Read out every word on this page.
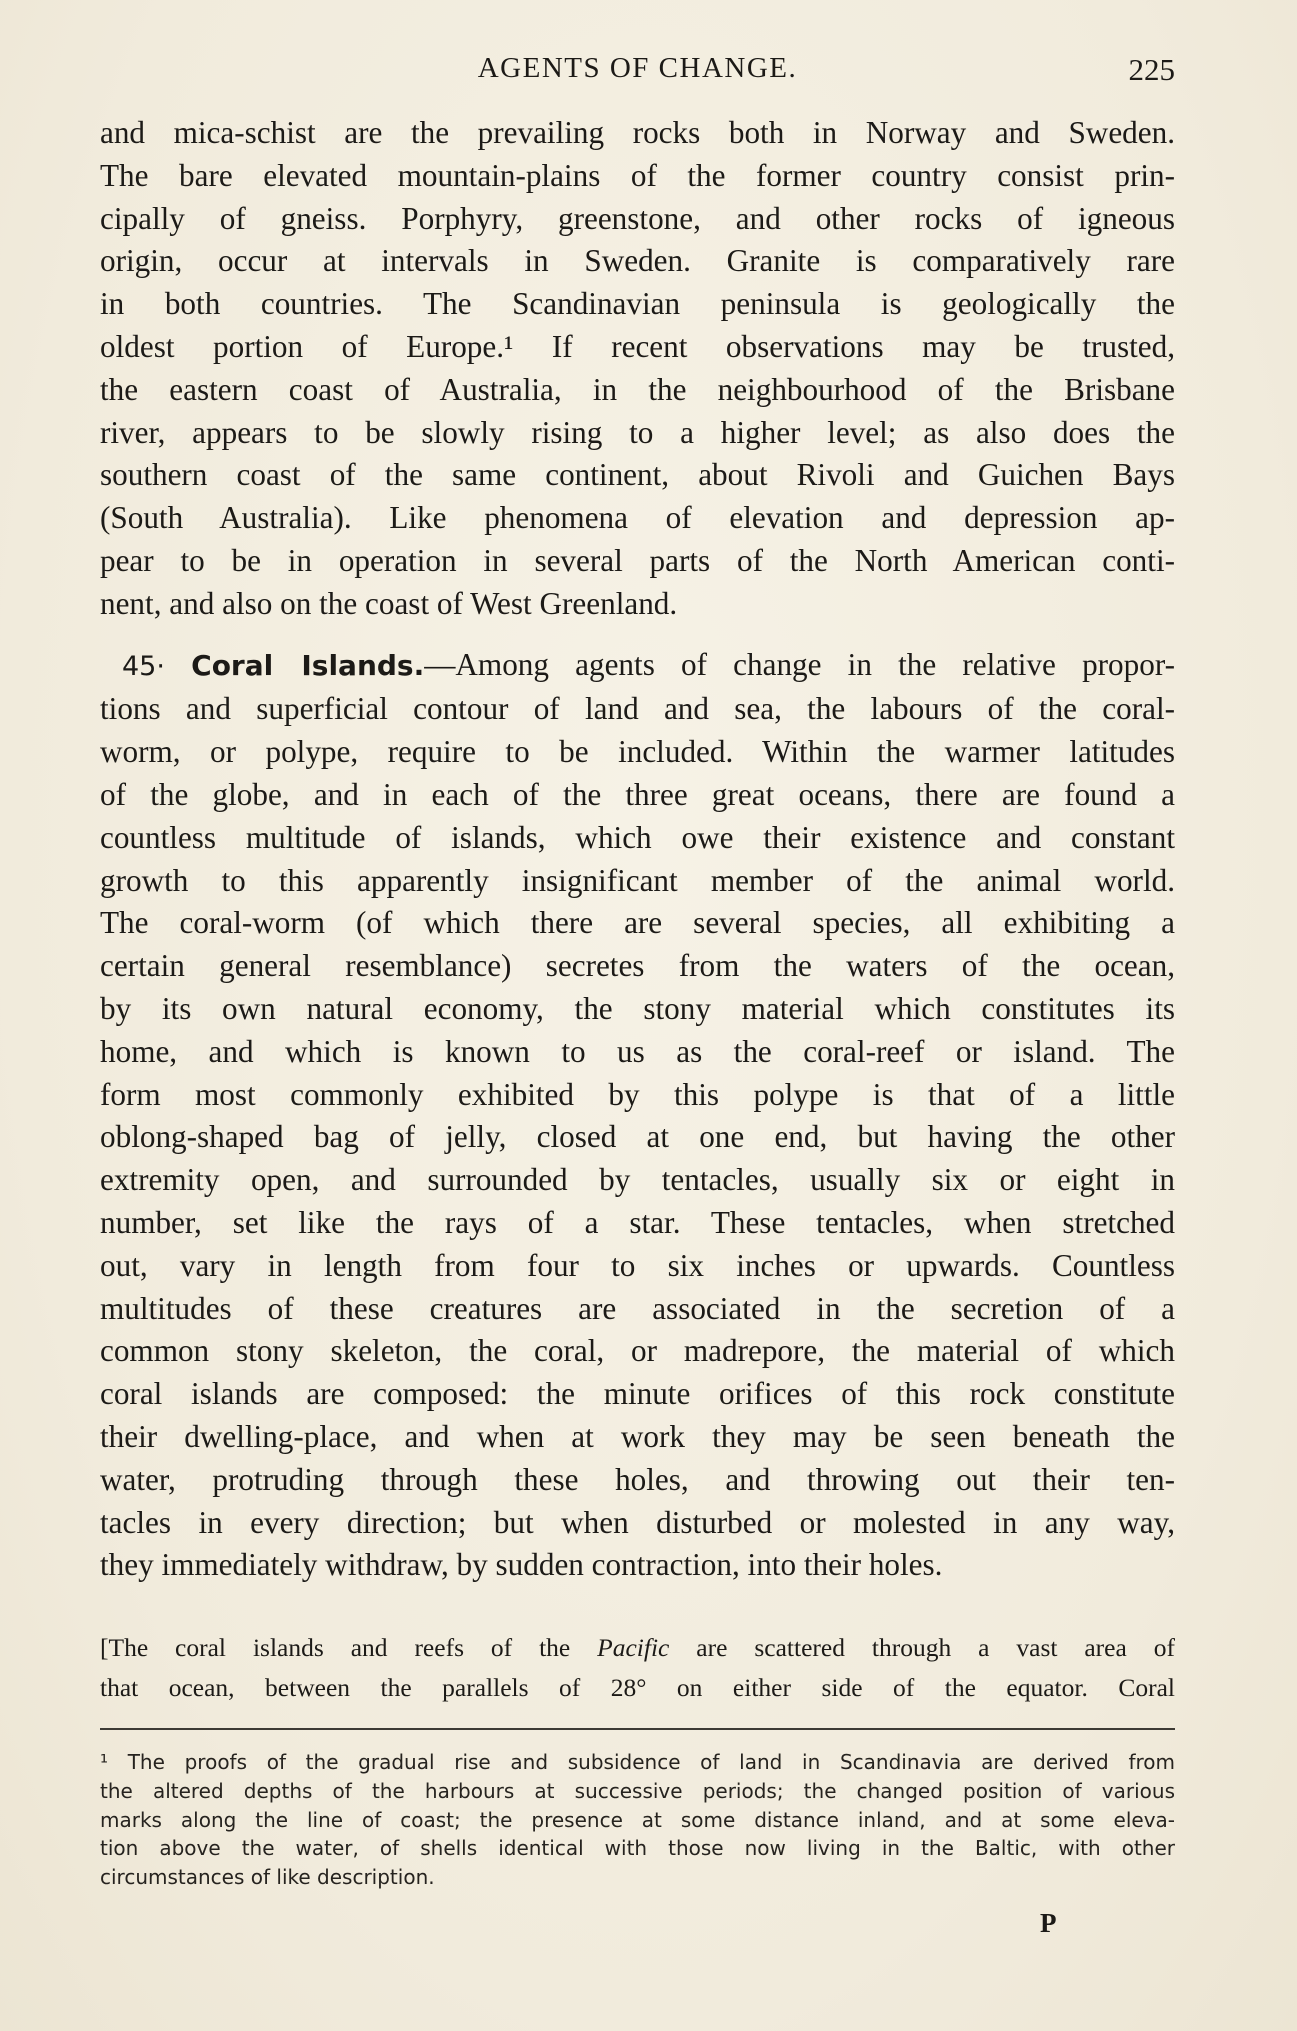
AGENTS OF CHANGE.	225
and mica-schist are the prevailing rocks both in Norway and Sweden.
The bare elevated mountain-plains of the former country consist prin-
cipally of gneiss. Porphyry, greenstone, and other rocks of igneous
origin, occur at intervals in Sweden. Granite is comparatively rare
in both countries. The Scandinavian peninsula is geologically the
oldest portion of Europe.¹ If recent observations may be trusted,
the eastern coast of Australia, in the neighbourhood of the Brisbane
river, appears to be slowly rising to a higher level; as also does the
southern coast of the same continent, about Rivoli and Guichen Bays
(South Australia). Like phenomena of elevation and depression ap-
pear to be in operation in several parts of the North American conti-
nent, and also on the coast of West Greenland.
45· Coral Islands.—Among agents of change in the relative propor-
tions and superficial contour of land and sea, the labours of the coral-
worm, or polype, require to be included. Within the warmer latitudes
of the globe, and in each of the three great oceans, there are found a
countless multitude of islands, which owe their existence and constant
growth to this apparently insignificant member of the animal world.
The coral-worm (of which there are several species, all exhibiting a
certain general resemblance) secretes from the waters of the ocean,
by its own natural economy, the stony material which constitutes its
home, and which is known to us as the coral-reef or island. The
form most commonly exhibited by this polype is that of a little
oblong-shaped bag of jelly, closed at one end, but having the other
extremity open, and surrounded by tentacles, usually six or eight in
number, set like the rays of a star. These tentacles, when stretched
out, vary in length from four to six inches or upwards. Countless
multitudes of these creatures are associated in the secretion of a
common stony skeleton, the coral, or madrepore, the material of which
coral islands are composed: the minute orifices of this rock constitute
their dwelling-place, and when at work they may be seen beneath the
water, protruding through these holes, and throwing out their ten-
tacles in every direction; but when disturbed or molested in any way,
they immediately withdraw, by sudden contraction, into their holes.
[The coral islands and reefs of the Pacific are scattered through a vast area of
that ocean, between the parallels of 28° on either side of the equator. Coral
¹ The proofs of the gradual rise and subsidence of land in Scandinavia are derived from
the altered depths of the harbours at successive periods; the changed position of various
marks along the line of coast; the presence at some distance inland, and at some eleva-
tion above the water, of shells identical with those now living in the Baltic, with other
circumstances of like description.
P
